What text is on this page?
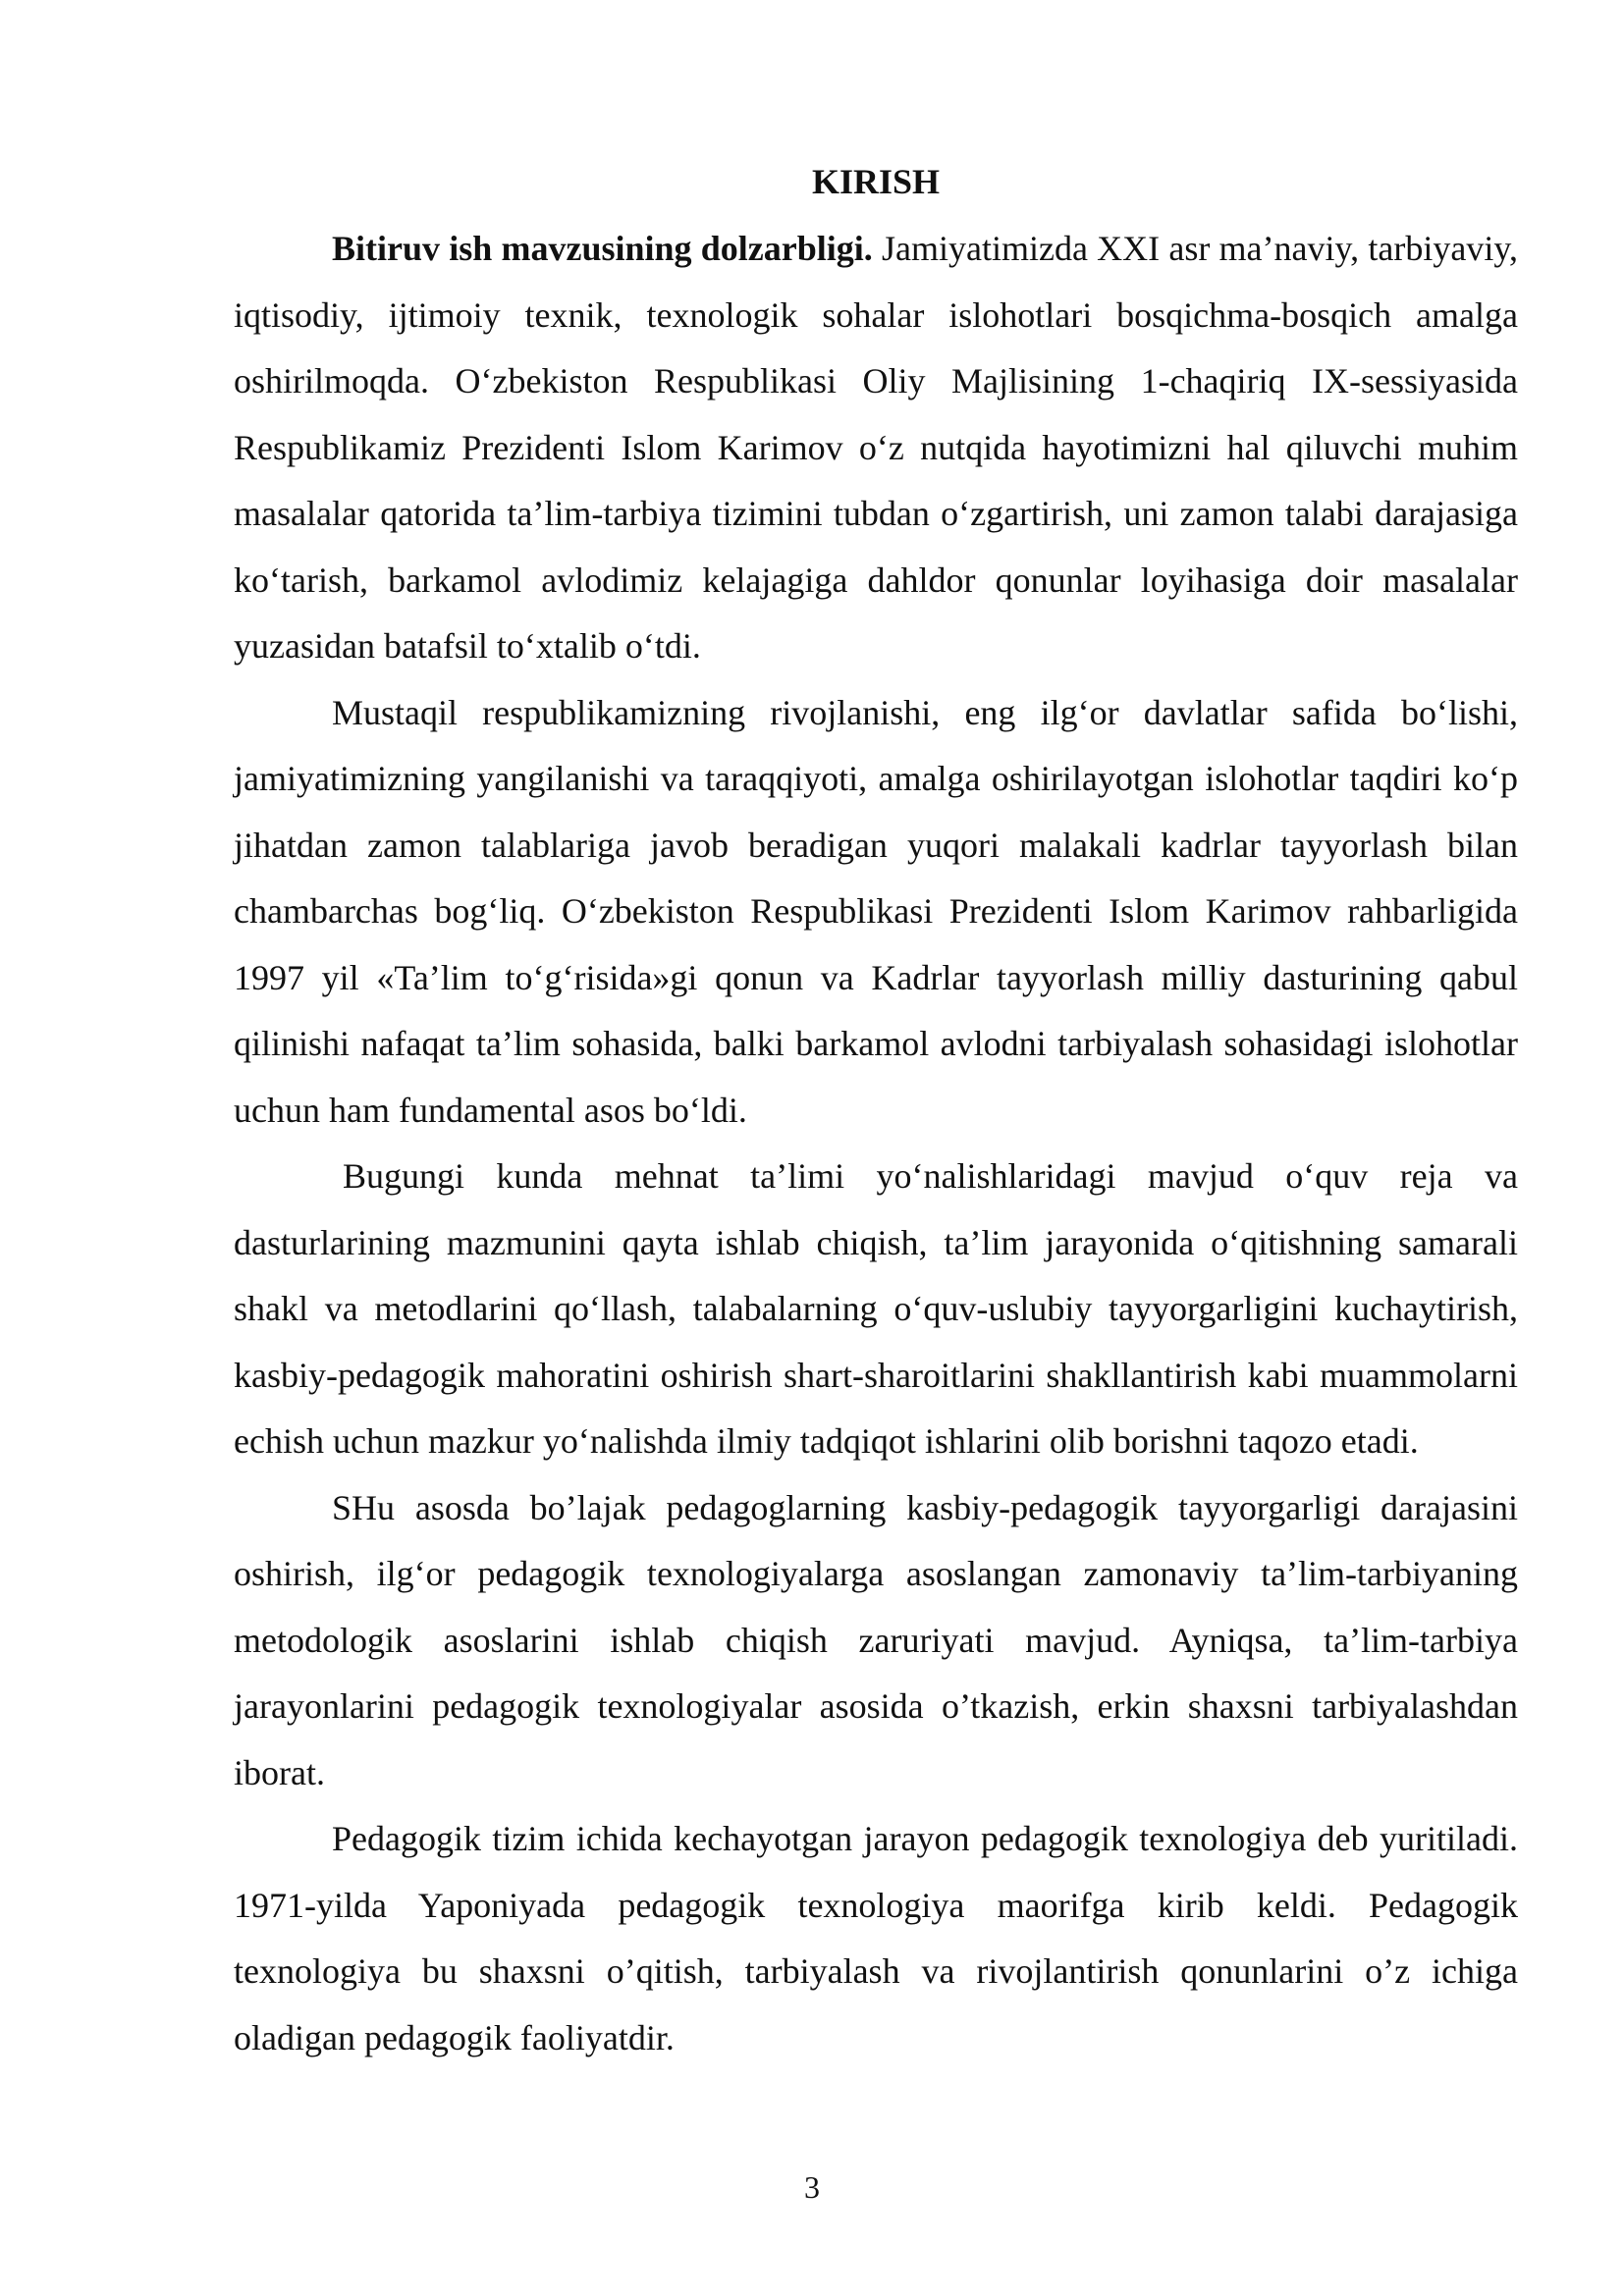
KIRISH

Bitiruv ish mavzusining dolzarbligi. Jamiyatimizda XXI asr ma’naviy, tarbiyaviy, iqtisodiy, ijtimoiy texnik, texnologik sohalar islohotlari bosqichma-bosqich amalga oshirilmoqda. O‘zbekiston Respublikasi Oliy Majlisining 1-chaqiriq IX-sessiyasida Respublikamiz Prezidenti Islom Karimov o‘z nutqida hayotimizni hal qiluvchi muhim masalalar qatorida ta’lim-tarbiya tizimini tubdan o‘zgartirish, uni zamon talabi darajasiga ko‘tarish, barkamol avlodimiz kelajagiga dahldor qonunlar loyihasiga doir masalalar yuzasidan batafsil to‘xtalib o‘tdi.

Mustaqil respublikamizning rivojlanishi, eng ilg‘or davlatlar safida bo‘lishi, jamiyatimizning yangilanishi va taraqqiyoti, amalga oshirilayotgan islohotlar taqdiri ko‘p jihatdan zamon talablariga javob beradigan yuqori malakali kadrlar tayyorlash bilan chambarchas bog‘liq. O‘zbekiston Respublikasi Prezidenti Islom Karimov rahbarligida 1997 yil «Ta’lim to‘g‘risida»gi qonun va Kadrlar tayyorlash milliy dasturining qabul qilinishi nafaqat ta’lim sohasida, balki barkamol avlodni tarbiyalash sohasidagi islohotlar uchun ham fundamental asos bo‘ldi.

Bugungi kunda mehnat ta’limi yo‘nalishlaridagi mavjud o‘quv reja va dasturlarining mazmunini qayta ishlab chiqish, ta’lim jarayonida o‘qitishning samarali shakl va metodlarini qo‘llash, talabalarning o‘quv-uslubiy tayyorgarligini kuchaytirish, kasbiy-pedagogik mahoratini oshirish shart-sharoitlarini shakllantirish kabi muammolarni echish uchun mazkur yo‘nalishda ilmiy tadqiqot ishlarini olib borishni taqozo etadi.

SHu asosda bo’lajak pedagoglarning kasbiy-pedagogik tayyorgarligi darajasini oshirish, ilg‘or pedagogik texnologiyalarga asoslangan zamonaviy ta’lim-tarbiyaning metodologik asoslarini ishlab chiqish zaruriyati mavjud. Ayniqsa, ta’lim-tarbiya jarayonlarini pedagogik texnologiyalar asosida o’tkazish, erkin shaxsni tarbiyalashdan iborat.

Pedagogik tizim ichida kechayotgan jarayon pedagogik texnologiya deb yuritiladi. 1971-yilda Yaponiyada pedagogik texnologiya maorifga kirib keldi. Pedagogik texnologiya bu shaxsni o’qitish, tarbiyalash va rivojlantirish qonunlarini o’z ichiga oladigan pedagogik faoliyatdir.

3
